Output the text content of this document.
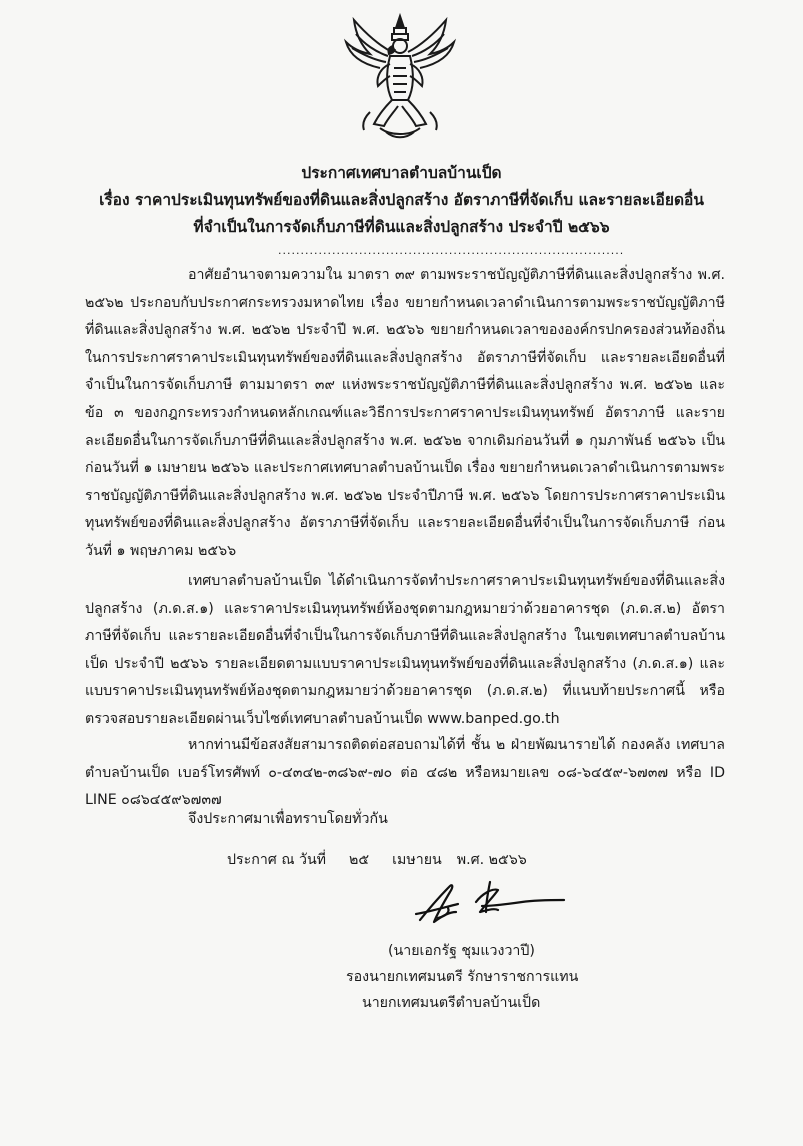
ประกาศเทศบาลตำบลบ้านเป็ด
เรื่อง ราคาประเมินทุนทรัพย์ของที่ดินและสิ่งปลูกสร้าง อัตราภาษีที่จัดเก็บ และรายละเอียดอื่น
ที่จำเป็นในการจัดเก็บภาษีที่ดินและสิ่งปลูกสร้าง ประจำปี ๒๕๖๖
.............................................................................
อาศัยอำนาจตามความใน มาตรา ๓๙ ตามพระราชบัญญัติภาษีที่ดินและสิ่งปลูกสร้าง พ.ศ. ๒๕๖๒ ประกอบกับประกาศกระทรวงมหาดไทย เรื่อง ขยายกำหนดเวลาดำเนินการตามพระราชบัญญัติภาษีที่ดินและสิ่งปลูกสร้าง พ.ศ. ๒๕๖๒ ประจำปี พ.ศ. ๒๕๖๖ ขยายกำหนดเวลาขององค์กรปกครองส่วนท้องถิ่นในการประกาศราคาประเมินทุนทรัพย์ของที่ดินและสิ่งปลูกสร้าง อัตราภาษีที่จัดเก็บ และรายละเอียดอื่นที่จำเป็นในการจัดเก็บภาษี ตามมาตรา ๓๙ แห่งพระราชบัญญัติภาษีที่ดินและสิ่งปลูกสร้าง พ.ศ. ๒๕๖๒ และข้อ ๓ ของกฎกระทรวงกำหนดหลักเกณฑ์และวิธีการประกาศราคาประเมินทุนทรัพย์ อัตราภาษี และรายละเอียดอื่นในการจัดเก็บภาษีที่ดินและสิ่งปลูกสร้าง พ.ศ. ๒๕๖๒ จากเดิมก่อนวันที่ ๑ กุมภาพันธ์ ๒๕๖๖ เป็นก่อนวันที่ ๑ เมษายน ๒๕๖๖ และประกาศเทศบาลตำบลบ้านเป็ด เรื่อง ขยายกำหนดเวลาดำเนินการตามพระราชบัญญัติภาษีที่ดินและสิ่งปลูกสร้าง พ.ศ. ๒๕๖๒ ประจำปีภาษี พ.ศ. ๒๕๖๖ โดยการประกาศราคาประเมินทุนทรัพย์ของที่ดินและสิ่งปลูกสร้าง อัตราภาษีที่จัดเก็บ และรายละเอียดอื่นที่จำเป็นในการจัดเก็บภาษี ก่อนวันที่ ๑ พฤษภาคม ๒๕๖๖
เทศบาลตำบลบ้านเป็ด ได้ดำเนินการจัดทำประกาศราคาประเมินทุนทรัพย์ของที่ดินและสิ่งปลูกสร้าง (ภ.ด.ส.๑) และราคาประเมินทุนทรัพย์ห้องชุดตามกฎหมายว่าด้วยอาคารชุด (ภ.ด.ส.๒) อัตราภาษีที่จัดเก็บ และรายละเอียดอื่นที่จำเป็นในการจัดเก็บภาษีที่ดินและสิ่งปลูกสร้าง ในเขตเทศบาลตำบลบ้านเป็ด ประจำปี ๒๕๖๖ รายละเอียดตามแบบราคาประเมินทุนทรัพย์ของที่ดินและสิ่งปลูกสร้าง (ภ.ด.ส.๑) และแบบราคาประเมินทุนทรัพย์ห้องชุดตามกฎหมายว่าด้วยอาคารชุด (ภ.ด.ส.๒) ที่แนบท้ายประกาศนี้ หรือตรวจสอบรายละเอียดผ่านเว็บไซต์เทศบาลตำบลบ้านเป็ด www.banped.go.th
หากท่านมีข้อสงสัยสามารถติดต่อสอบถามได้ที่ ชั้น ๒ ฝ่ายพัฒนารายได้ กองคลัง เทศบาลตำบลบ้านเป็ด เบอร์โทรศัพท์ ๐-๔๓๔๒-๓๘๖๙-๗๐ ต่อ ๔๘๒ หรือหมายเลข ๐๘-๖๔๕๙-๖๗๓๗ หรือ ID LINE ๐๘๖๔๕๙๖๗๓๗
จึงประกาศมาเพื่อทราบโดยทั่วกัน
ประกาศ ณ วันที่ ๒๕ เมษายน พ.ศ. ๒๕๖๖
(นายเอกรัฐ ชุมแวงวาปี)
รองนายกเทศมนตรี รักษาราชการแทน
นายกเทศมนตรีตำบลบ้านเป็ด
